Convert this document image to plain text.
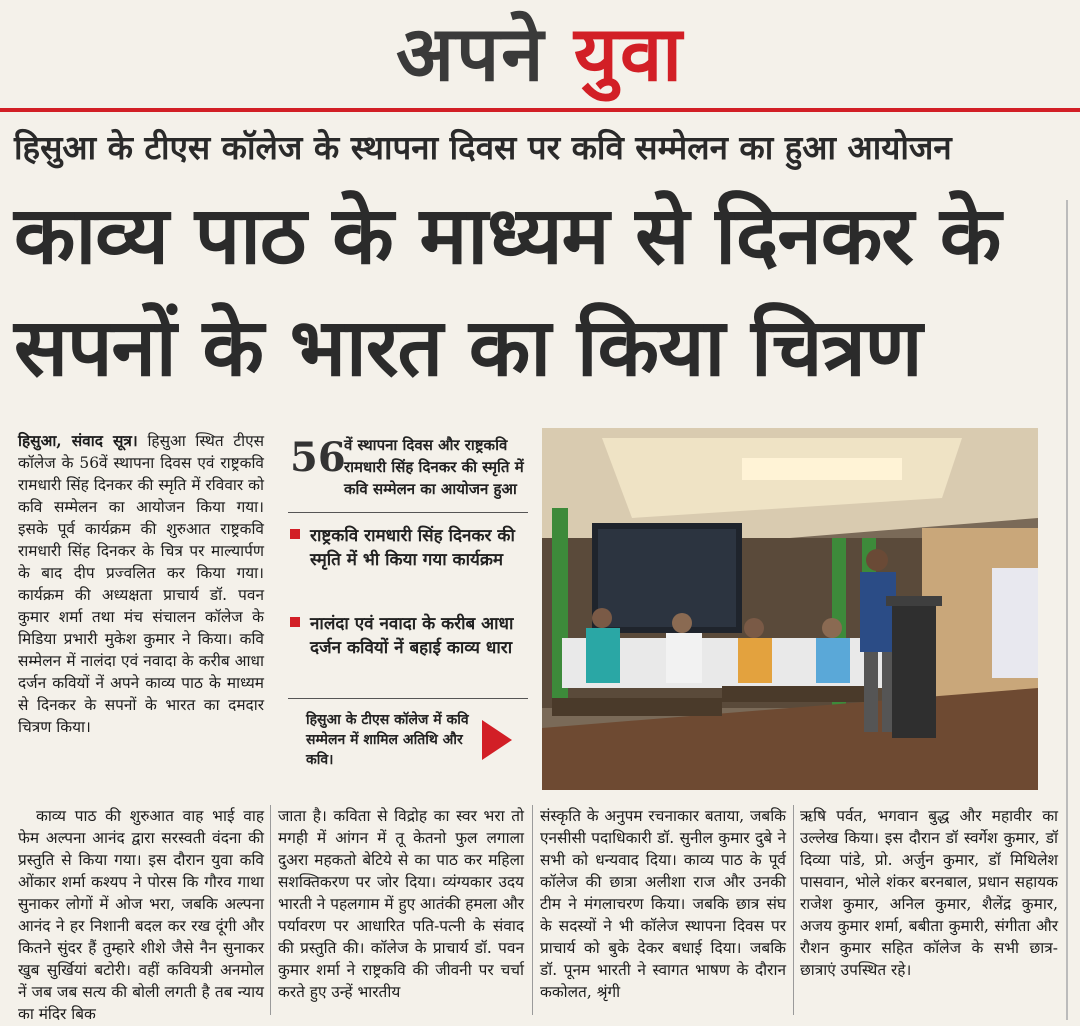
अपने युवा
हिसुआ के टीएस कॉलेज के स्थापना दिवस पर कवि सम्मेलन का हुआ आयोजन
काव्य पाठ के माध्यम से दिनकर के
सपनों के भारत का किया चित्रण

हिसुआ, संवाद सूत्र। हिसुआ स्थित टीएस कॉलेज के 56वें स्थापना दिवस एवं राष्ट्रकवि रामधारी सिंह दिनकर की स्मृति में रविवार को कवि सम्मेलन का आयोजन किया गया। इसके पूर्व कार्यक्रम की शुरुआत राष्ट्रकवि रामधारी सिंह दिनकर के चित्र पर माल्यार्पण के बाद दीप प्रज्वलित कर किया गया। कार्यक्रम की अध्यक्षता प्राचार्य डॉ. पवन कुमार शर्मा तथा मंच संचालन कॉलेज के मिडिया प्रभारी मुकेश कुमार ने किया। कवि सम्मेलन में नालंदा एवं नवादा के करीब आधा दर्जन कवियों नें अपने काव्य पाठ के माध्यम से दिनकर के सपनों के भारत का दमदार चित्रण किया।

काव्य पाठ की शुरुआत वाह भाई वाह फेम अल्पना आनंद द्वारा सरस्वती वंदना की प्रस्तुति से किया गया। इस दौरान युवा कवि ओंकार शर्मा कश्यप ने पोरस कि गौरव गाथा सुनाकर लोगों में ओज भरा, जबकि अल्पना आनंद ने हर निशानी बदल कर रख दूंगी और कितने सुंदर हैं तुम्हारे शीशे जैसे नैन सुनाकर खुब सुर्खियां बटोरी। वहीं कवियत्री अनमोल नें जब जब सत्य की बोली लगती है तब न्याय का मंदिर बिक

जाता है। कविता से विद्रोह का स्वर भरा तो मगही में आंगन में तू केतनो फुल लगाला दुअरा महकतो बेटिये से का पाठ कर महिला सशक्तिकरण पर जोर दिया। व्यंग्यकार उदय भारती ने पहलगाम में हुए आतंकी हमला और पर्यावरण पर आधारित पति-पत्नी के संवाद की प्रस्तुति की। कॉलेज के प्राचार्य डॉ. पवन कुमार शर्मा ने राष्ट्रकवि की जीवनी पर चर्चा करते हुए उन्हें भारतीय

संस्कृति के अनुपम रचनाकार बताया, जबकि एनसीसी पदाधिकारी डॉ. सुनील कुमार दुबे ने सभी को धन्यवाद दिया। काव्य पाठ के पूर्व कॉलेज की छात्रा अलीशा राज और उनकी टीम ने मंगलाचरण किया। जबकि छात्र संघ के सदस्यों ने भी कॉलेज स्थापना दिवस पर प्राचार्य को बुके देकर बधाई दिया। जबकि डॉ. पूनम भारती ने स्वागत भाषण के दौरान ककोलत, श्रृंगी

ऋषि पर्वत, भगवान बुद्ध और महावीर का उल्लेख किया। इस दौरान डॉ स्वर्गेश कुमार, डॉ दिव्या पांडे, प्रो. अर्जुन कुमार, डॉ मिथिलेश पासवान, भोले शंकर बरनबाल, प्रधान सहायक राजेश कुमार, अनिल कुमार, शैलेंद्र कुमार, अजय कुमार शर्मा, बबीता कुमारी, संगीता और रौशन कुमार सहित कॉलेज के सभी छात्र-छात्राएं उपस्थित रहे।

56
वें स्थापना दिवस और राष्ट्रकवि रामधारी सिंह दिनकर की स्मृति में कवि सम्मेलन का आयोजन हुआ
राष्ट्रकवि रामधारी सिंह दिनकर की स्मृति में भी किया गया कार्यक्रम
नालंदा एवं नवादा के करीब आधा दर्जन कवियों नें बहाई काव्य धारा
हिसुआ के टीएस कॉलेज में कवि सम्मेलन में शामिल अतिथि और कवि।
